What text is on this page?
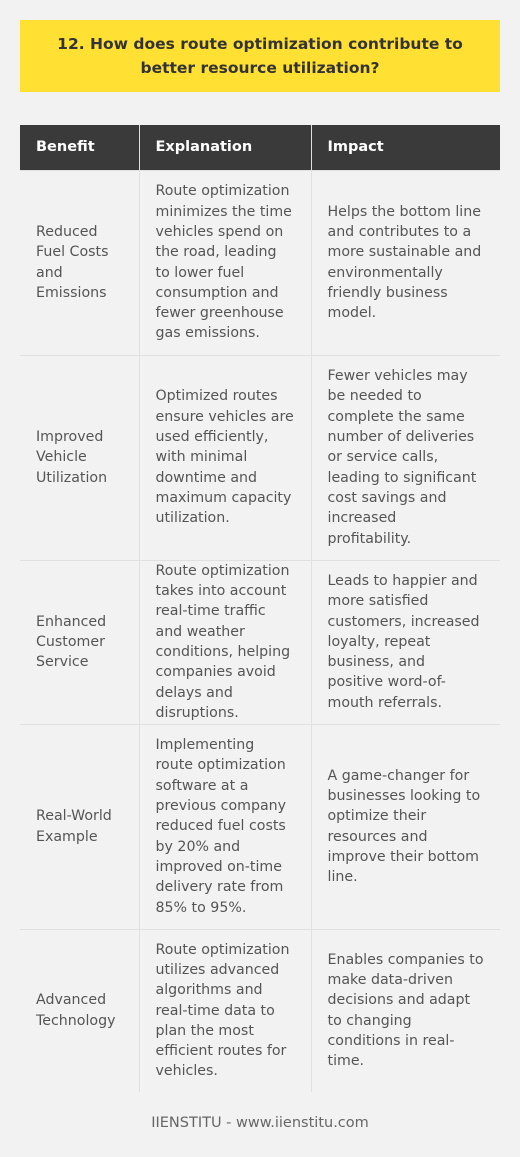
12. How does route optimization contribute to better resource utilization?
Benefit	Explanation	Impact
Reduced Fuel Costs and Emissions	Route optimization minimizes the time vehicles spend on the road, leading to lower fuel consumption and fewer greenhouse gas emissions.	Helps the bottom line and contributes to a more sustainable and environmentally friendly business model.
Improved Vehicle Utilization	Optimized routes ensure vehicles are used efficiently, with minimal downtime and maximum capacity utilization.	Fewer vehicles may be needed to complete the same number of deliveries or service calls, leading to significant cost savings and increased profitability.
Enhanced Customer Service	Route optimization takes into account real-time traffic and weather conditions, helping companies avoid delays and disruptions.	Leads to happier and more satisfied customers, increased loyalty, repeat business, and positive word-of-mouth referrals.
Real-World Example	Implementing route optimization software at a previous company reduced fuel costs by 20% and improved on-time delivery rate from 85% to 95%.	A game-changer for businesses looking to optimize their resources and improve their bottom line.
Advanced Technology	Route optimization utilizes advanced algorithms and real-time data to plan the most efficient routes for vehicles.	Enables companies to make data-driven decisions and adapt to changing conditions in real-time.
IIENSTITU - www.iienstitu.com
